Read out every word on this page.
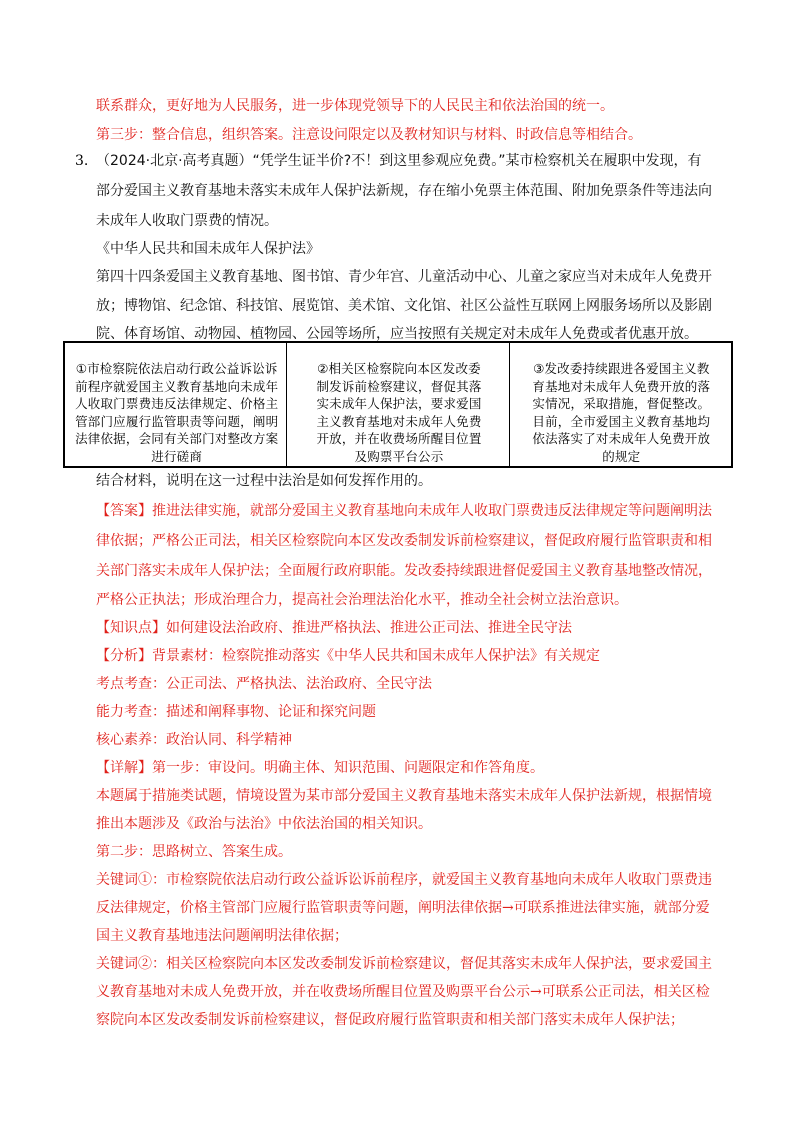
联系群众，更好地为人民服务，进一步体现党领导下的人民民主和依法治国的统一。
第三步：整合信息，组织答案。注意设问限定以及教材知识与材料、时政信息等相结合。
3. （2024·北京·高考真题）“凭学生证半价?不！到这里参观应免费。”某市检察机关在履职中发现，有
部分爱国主义教育基地未落实未成年人保护法新规，存在缩小免票主体范围、附加免票条件等违法向
未成年人收取门票费的情况。
《中华人民共和国未成年人保护法》
第四十四条爱国主义教育基地、图书馆、青少年宫、儿童活动中心、儿童之家应当对未成年人免费开
放；博物馆、纪念馆、科技馆、展览馆、美术馆、文化馆、社区公益性互联网上网服务场所以及影剧
院、体育场馆、动物园、植物园、公园等场所，应当按照有关规定对未成年人免费或者优惠开放。
①市检察院依法启动行政公益诉讼诉
前程序就爱国主义教育基地向未成年
人收取门票费违反法律规定、价格主
管部门应履行监管职责等问题，阐明
法律依据，会同有关部门对整改方案
进行磋商
②相关区检察院向本区发改委
制发诉前检察建议，督促其落
实未成年人保护法，要求爱国
主义教育基地对未成年人免费
开放，并在收费场所醒目位置
及购票平台公示
③发改委持续跟进各爱国主义教
育基地对未成年人免费开放的落
实情况，采取措施，督促整改。
目前，全市爱国主义教育基地均
依法落实了对未成年人免费开放
的规定
结合材料，说明在这一过程中法治是如何发挥作用的。
【答案】推进法律实施，就部分爱国主义教育基地向未成年人收取门票费违反法律规定等问题阐明法
律依据；严格公正司法，相关区检察院向本区发改委制发诉前检察建议，督促政府履行监管职责和相
关部门落实未成年人保护法；全面履行政府职能。发改委持续跟进督促爱国主义教育基地整改情况，
严格公正执法；形成治理合力，提高社会治理法治化水平，推动全社会树立法治意识。
【知识点】如何建设法治政府、推进严格执法、推进公正司法、推进全民守法
【分析】背景素材：检察院推动落实《中华人民共和国未成年人保护法》有关规定
考点考查：公正司法、严格执法、法治政府、全民守法
能力考查：描述和阐释事物、论证和探究问题
核心素养：政治认同、科学精神
【详解】第一步：审设问。明确主体、知识范围、问题限定和作答角度。
本题属于措施类试题，情境设置为某市部分爱国主义教育基地未落实未成年人保护法新规，根据情境
推出本题涉及《政治与法治》中依法治国的相关知识。
第二步：思路树立、答案生成。
关键词①：市检察院依法启动行政公益诉讼诉前程序，就爱国主义教育基地向未成年人收取门票费违
反法律规定，价格主管部门应履行监管职责等问题，阐明法律依据→可联系推进法律实施，就部分爱
国主义教育基地违法问题阐明法律依据；
关键词②：相关区检察院向本区发改委制发诉前检察建议，督促其落实未成年人保护法，要求爱国主
义教育基地对未成人免费开放，并在收费场所醒目位置及购票平台公示→可联系公正司法，相关区检
察院向本区发改委制发诉前检察建议，督促政府履行监管职责和相关部门落实未成年人保护法；
